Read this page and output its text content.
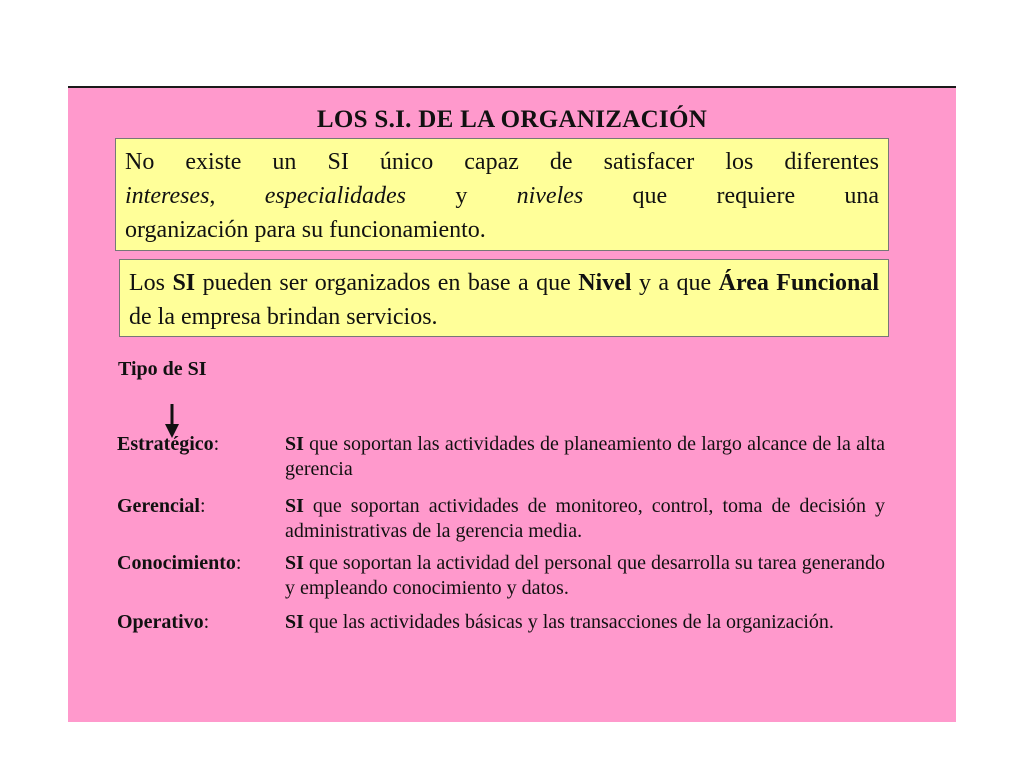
LOS S.I. DE LA ORGANIZACIÓN
No existe un SI único capaz de satisfacer los diferentes
intereses, especialidades y niveles que requiere una
organización para su funcionamiento.

Los SI pueden ser organizados en base a que Nivel y a que Área Funcional de la empresa brindan servicios.

Tipo de SI
Estratégico:	SI que soportan las actividades de planeamiento de largo alcance de la alta gerencia
Gerencial:	SI que soportan actividades de monitoreo, control, toma de decisión y administrativas de la gerencia media.
Conocimiento: SI que soportan la actividad del personal que desarrolla su tarea generando y empleando conocimiento y datos.
Operativo:	SI que las actividades básicas y las transacciones de la organización.
